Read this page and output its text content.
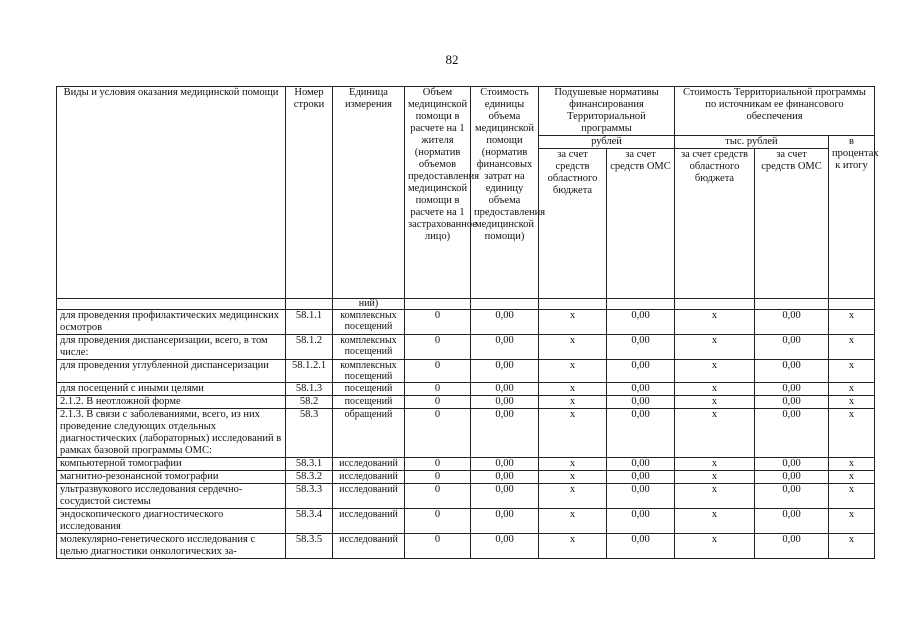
82
Виды и условия оказания медицинской помощи	Номер строки	Единица измерения	Объем медицинской помощи в расчете на 1 жителя (норматив объемов предоставления медицинской помощи в расчете на 1 застрахованное лицо)	Стоимость единицы объема медицинской помощи (норматив финансовых затрат на единицу объема предоставления медицинской помощи)	Подушевые нормативы финансирования Территориальной программы		Стоимость Территориальной программы по источникам ее финансового обеспечения		
					рублей		тыс. рублей		в процентах к итогу
					за счет средств областного бюджета	за счет средств ОМС	за счет средств областного бюджета	за счет средств ОМС	
		ний)							
для проведения профилактических медицинских осмотров	58.1.1	комплексных посещений	0	0,00	х	0,00	х	0,00	х
для проведения диспансеризации, всего, в том числе:	58.1.2	комплексных посещений	0	0,00	х	0,00	х	0,00	х
для проведения углубленной диспансеризации	58.1.2.1	комплексных посещений	0	0,00	х	0,00	х	0,00	х
для посещений с иными целями	58.1.3	посещений	0	0,00	х	0,00	х	0,00	х
2.1.2. В неотложной форме	58.2	посещений	0	0,00	х	0,00	х	0,00	х
2.1.3. В связи с заболеваниями, всего, из них проведение следующих отдельных диагностических (лабораторных) исследований в рамках базовой программы ОМС:	58.3	обращений	0	0,00	х	0,00	х	0,00	х
компьютерной томографии	58.3.1	исследований	0	0,00	х	0,00	х	0,00	х
магнитно-резонансной томографии	58.3.2	исследований	0	0,00	х	0,00	х	0,00	х
ультразвукового исследования сердечно-сосудистой системы	58.3.3	исследований	0	0,00	х	0,00	х	0,00	х
эндоскопического диагностического исследования	58.3.4	исследований	0	0,00	х	0,00	х	0,00	х
молекулярно-генетического исследования с целью диагностики онкологических за-	58.3.5	исследований	0	0,00	х	0,00	х	0,00	х
